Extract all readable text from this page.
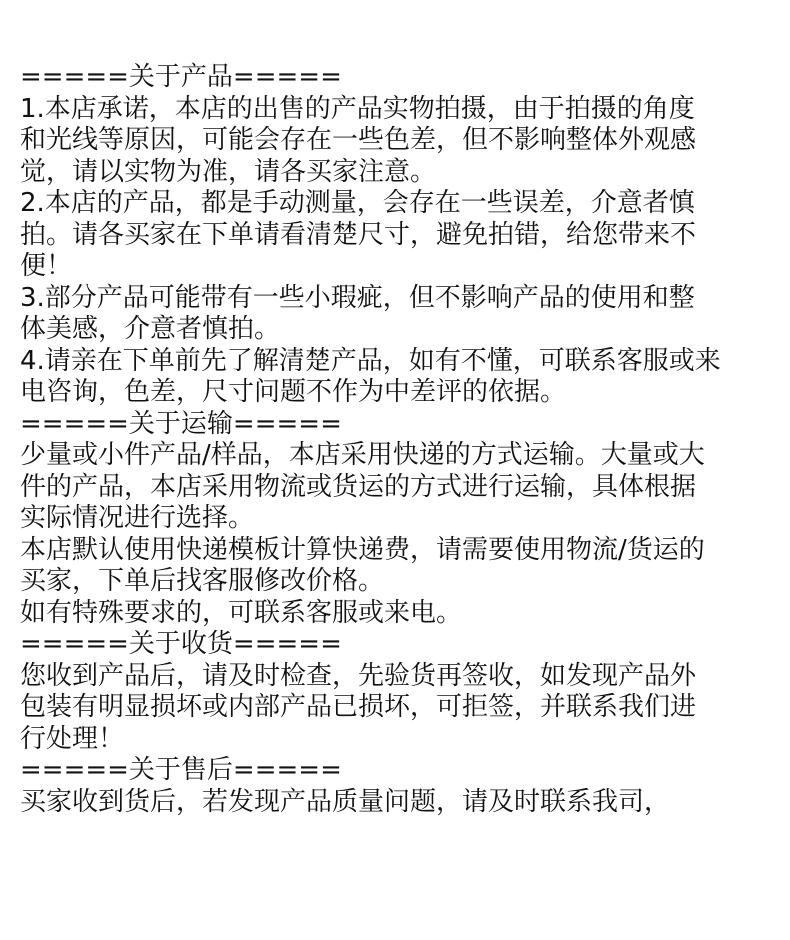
=====关于产品=====
1.本店承诺，本店的出售的产品实物拍摄，由于拍摄的角度
和光线等原因，可能会存在一些色差，但不影响整体外观感
觉，请以实物为准，请各买家注意。
2.本店的产品，都是手动测量，会存在一些误差，介意者慎
拍。请各买家在下单请看清楚尺寸，避免拍错，给您带来不
便！
3.部分产品可能带有一些小瑕疵，但不影响产品的使用和整
体美感，介意者慎拍。
4.请亲在下单前先了解清楚产品，如有不懂，可联系客服或来
电咨询，色差，尺寸问题不作为中差评的依据。
=====关于运输=====
少量或小件产品/样品，本店采用快递的方式运输。大量或大
件的产品，本店采用物流或货运的方式进行运输，具体根据
实际情况进行选择。
本店默认使用快递模板计算快递费，请需要使用物流/货运的
买家，下单后找客服修改价格。
如有特殊要求的，可联系客服或来电。
=====关于收货=====
您收到产品后，请及时检查，先验货再签收，如发现产品外
包装有明显损坏或内部产品已损坏，可拒签，并联系我们进
行处理！
=====关于售后=====
买家收到货后，若发现产品质量问题，请及时联系我司，
